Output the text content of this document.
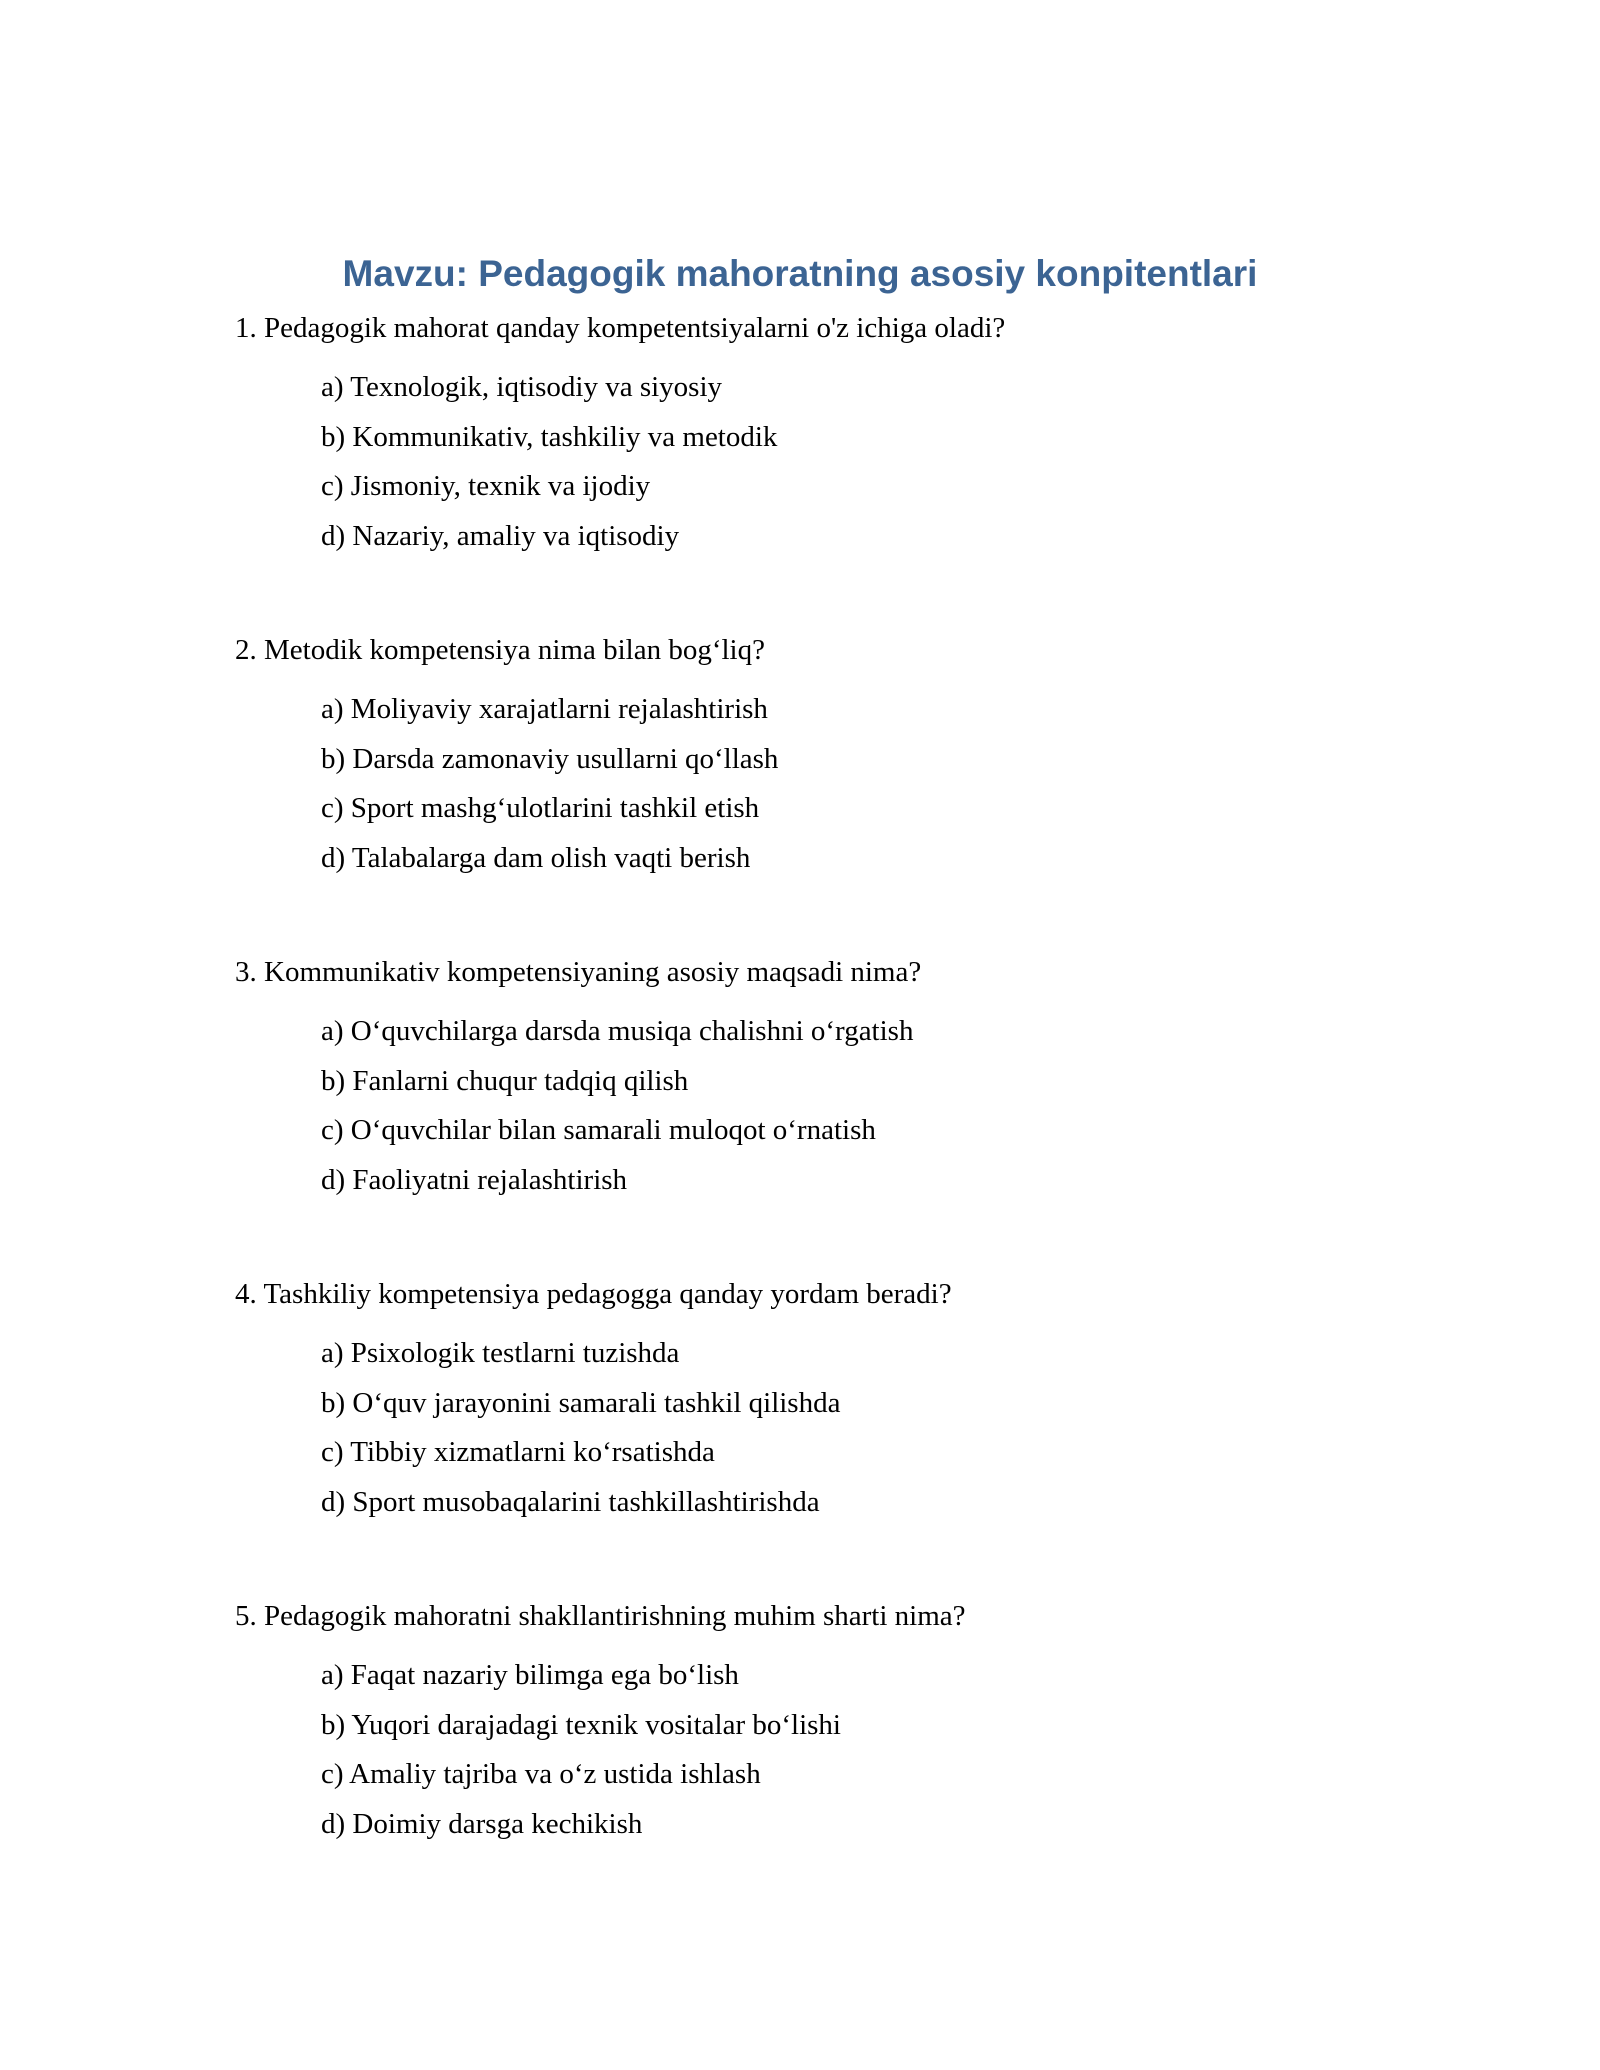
Mavzu: Pedagogik mahoratning asosiy konpitentlari
1. Pedagogik mahorat qanday kompetentsiyalarni o'z ichiga oladi?
a) Texnologik, iqtisodiy va siyosiy
b) Kommunikativ, tashkiliy va metodik
c) Jismoniy, texnik va ijodiy
d) Nazariy, amaliy va iqtisodiy
2. Metodik kompetensiya nima bilan bog‘liq?
a) Moliyaviy xarajatlarni rejalashtirish
b) Darsda zamonaviy usullarni qo‘llash
c) Sport mashg‘ulotlarini tashkil etish
d) Talabalarga dam olish vaqti berish
3. Kommunikativ kompetensiyaning asosiy maqsadi nima?
a) O‘quvchilarga darsda musiqa chalishni o‘rgatish
b) Fanlarni chuqur tadqiq qilish
c) O‘quvchilar bilan samarali muloqot o‘rnatish
d) Faoliyatni rejalashtirish
4. Tashkiliy kompetensiya pedagogga qanday yordam beradi?
a) Psixologik testlarni tuzishda
b) O‘quv jarayonini samarali tashkil qilishda
c) Tibbiy xizmatlarni ko‘rsatishda
d) Sport musobaqalarini tashkillashtirishda
5. Pedagogik mahoratni shakllantirishning muhim sharti nima?
a) Faqat nazariy bilimga ega bo‘lish
b) Yuqori darajadagi texnik vositalar bo‘lishi
c) Amaliy tajriba va o‘z ustida ishlash
d) Doimiy darsga kechikish
